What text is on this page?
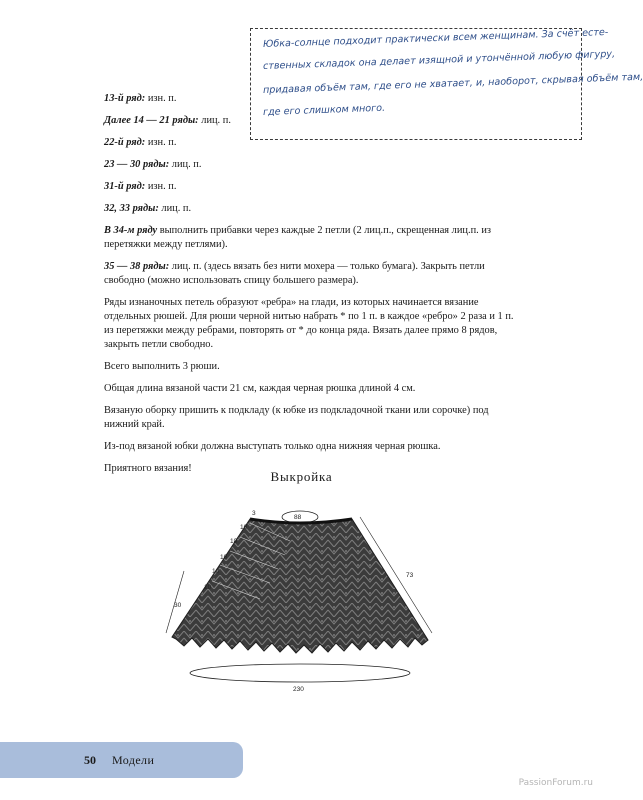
Юбка-солнце подходит практически всем женщинам. За счёт есте-
ственных складок она делает изящной и утончённой любую фигуру,
придавая объём там, где его не хватает, и, наоборот, скрывая объём там,
где его слишком много.

13-й ряд: изн. п.

Далее 14 — 21 ряды: лиц. п.

22-й ряд: изн. п.

23 — 30 ряды: лиц. п.

31-й ряд: изн. п.

32, 33 ряды: лиц. п.

В 34-м ряду выполнить прибавки через каждые 2 петли (2 лиц.п., скрещенная лиц.п. из перетяжки между петлями).

35 — 38 ряды: лиц. п. (здесь вязать без нити мохера — только бумага). Закрыть петли свободно (можно использовать спицу большего размера).

Ряды изнаночных петель образуют «ребра» на глади, из которых начинается вязание отдельных рюшей. Для рюши черной нитью набрать * по 1 п. в каждое «ребро» 2 раза и 1 п. из перетяжки между ребрами, повторять от * до конца ряда. Вязать далее прямо 8 рядов, закрыть петли свободно.

Всего выполнить 3 рюши.

Общая длина вязаной части 21 см, каждая черная рюшка длиной 4 см.

Вязаную оборку пришить к подкладу (к юбке из подкладочной ткани или сорочке) под нижний край.

Из-под вязаной юбки должна выступать только одна нижняя черная рюшка.

Приятного вязания!

Выкройка
88
230
73
30
3
10
10
10
10
10
50 Модели
PassionForum.ru
